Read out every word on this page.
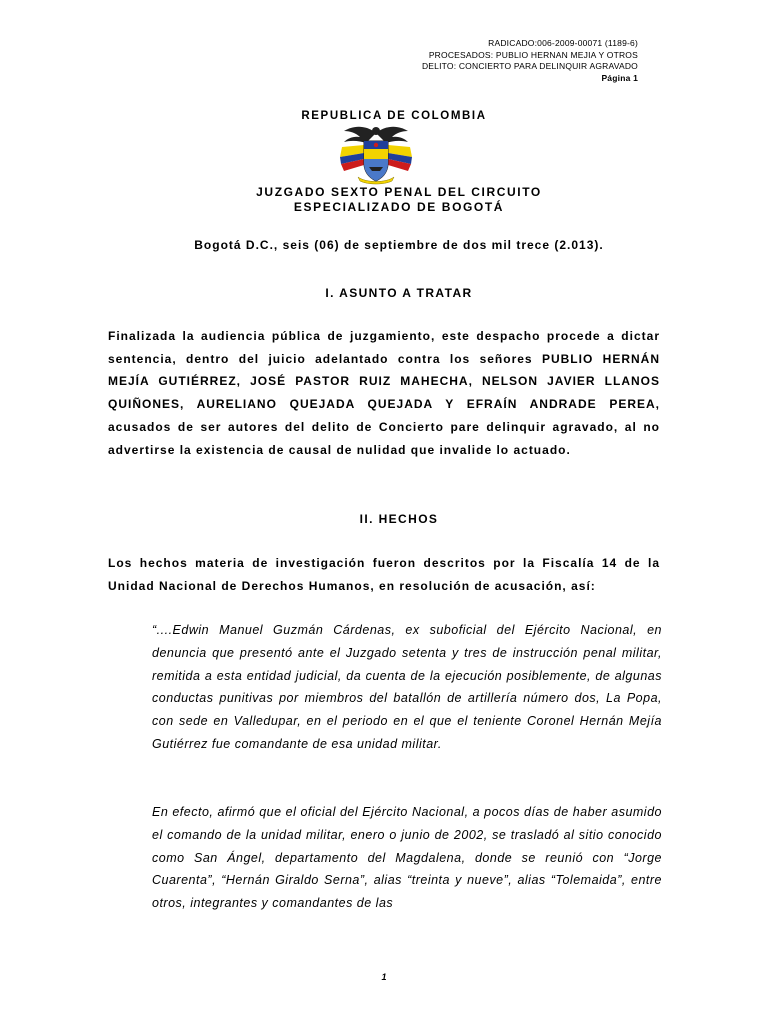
RADICADO:006-2009-00071 (1189-6)
PROCESADOS: PUBLIO HERNAN MEJIA Y OTROS
DELITO: CONCIERTO PARA DELINQUIR AGRAVADO
Página 1
REPUBLICA DE COLOMBIA
JUZGADO SEXTO PENAL DEL CIRCUITO
ESPECIALIZADO DE BOGOTÁ
Bogotá D.C., seis (06) de septiembre de dos mil trece (2.013).
I. ASUNTO A TRATAR
Finalizada la audiencia pública de juzgamiento, este despacho procede a dictar sentencia, dentro del juicio adelantado contra los señores PUBLIO HERNÁN MEJÍA GUTIÉRREZ, JOSÉ PASTOR RUIZ MAHECHA, NELSON JAVIER LLANOS QUIÑONES, AURELIANO QUEJADA QUEJADA Y EFRAÍN ANDRADE PEREA, acusados de ser autores del delito de Concierto pare delinquir agravado, al no advertirse la existencia de causal de nulidad que invalide lo actuado.
II. HECHOS
Los hechos materia de investigación fueron descritos por la Fiscalía 14 de la Unidad Nacional de Derechos Humanos, en resolución de acusación, así:
“....Edwin Manuel Guzmán Cárdenas, ex suboficial del Ejército Nacional, en denuncia que presentó ante el Juzgado setenta y tres de instrucción penal militar, remitida a esta entidad judicial, da cuenta de la ejecución posiblemente, de algunas conductas punitivas por miembros del batallón de artillería número dos, La Popa, con sede en Valledupar, en el periodo en el que el teniente Coronel Hernán Mejía Gutiérrez fue comandante de esa unidad militar.
En efecto, afirmó que el oficial del Ejército Nacional, a pocos días de haber asumido el comando de la unidad militar, enero o junio de 2002, se trasladó al sitio conocido como San Ángel, departamento del Magdalena, donde se reunió con “Jorge Cuarenta”, “Hernán Giraldo Serna”, alias “treinta y nueve”, alias “Tolemaida”, entre otros, integrantes y comandantes de las
1
